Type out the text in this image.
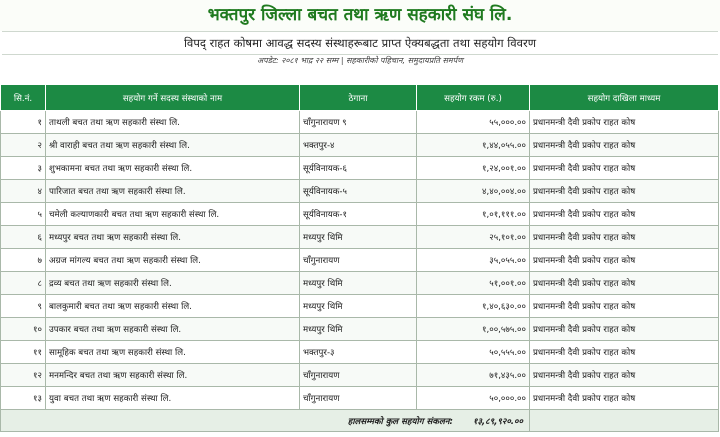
भक्तपुर जिल्ला बचत तथा ऋण सहकारी संघ लि.
विपद् राहत कोषमा आवद्ध सदस्य संस्थाहरूबाट प्राप्त ऐक्यबद्धता तथा सहयोग विवरण
अपडेट: २०८१ भाद्र २२ सम्म | सहकारीको पहिचान, समुदायप्रति समर्पण
सि.नं.	सहयोग गर्ने सदस्य संस्थाको नाम	ठेगाना	सहयोग रकम (रु.)	सहयोग दाखिला माध्यम
१	ताथली बचत तथा ऋण सहकारी संस्था लि.	चाँगुनारायण ९	५५,०००.००	प्रधानमन्त्री दैवी प्रकोप राहत कोष
२	श्री वाराही बचत तथा ऋण सहकारी संस्था लि.	भक्तपुर-४	१,४४,०५५.००	प्रधानमन्त्री दैवी प्रकोप राहत कोष
३	शुभकामना बचत तथा ऋण सहकारी संस्था लि.	सूर्यविनायक-६	१,२४,००१.००	प्रधानमन्त्री दैवी प्रकोप राहत कोष
४	पारिजात बचत तथा ऋण सहकारी संस्था लि.	सूर्यविनायक-५	४,४०,००४.००	प्रधानमन्त्री दैवी प्रकोप राहत कोष
५	चमेली कल्याणकारी बचत तथा ऋण सहकारी संस्था लि.	सूर्यविनायक-१	१,०१,१११.००	प्रधानमन्त्री दैवी प्रकोप राहत कोष
६	मध्यपुर बचत तथा ऋण सहकारी संस्था लि.	मध्यपुर थिमि	२५,१०१.००	प्रधानमन्त्री दैवी प्रकोप राहत कोष
७	अग्रज मांगल्य बचत तथा ऋण सहकारी संस्था लि.	चाँगुनारायण	३५,०५५.००	प्रधानमन्त्री दैवी प्रकोप राहत कोष
८	द्रव्य बचत तथा ऋण सहकारी संस्था लि.	मध्यपुर थिमि	५१,००१.००	प्रधानमन्त्री दैवी प्रकोप राहत कोष
९	बालकुमारी बचत तथा ऋण सहकारी संस्था लि.	मध्यपुर थिमि	१,४०,६३०.००	प्रधानमन्त्री दैवी प्रकोप राहत कोष
१०	उपकार बचत तथा ऋण सहकारी संस्था लि.	मध्यपुर थिमि	१,००,५७५.००	प्रधानमन्त्री दैवी प्रकोप राहत कोष
११	सामूहिक बचत तथा ऋण सहकारी संस्था लि.	भक्तपुर-३	५०,५५५.००	प्रधानमन्त्री दैवी प्रकोप राहत कोष
१२	मनमन्दिर बचत तथा ऋण सहकारी संस्था लि.	चाँगुनारायण	७१,४३५.००	प्रधानमन्त्री दैवी प्रकोप राहत कोष
१३	युवा बचत तथा ऋण सहकारी संस्था लि.	चाँगुनारायण	५०,०००.००	प्रधानमन्त्री दैवी प्रकोप राहत कोष
हालसम्मको कुल सहयोग संकलन: १३,८९,९२०.००				
